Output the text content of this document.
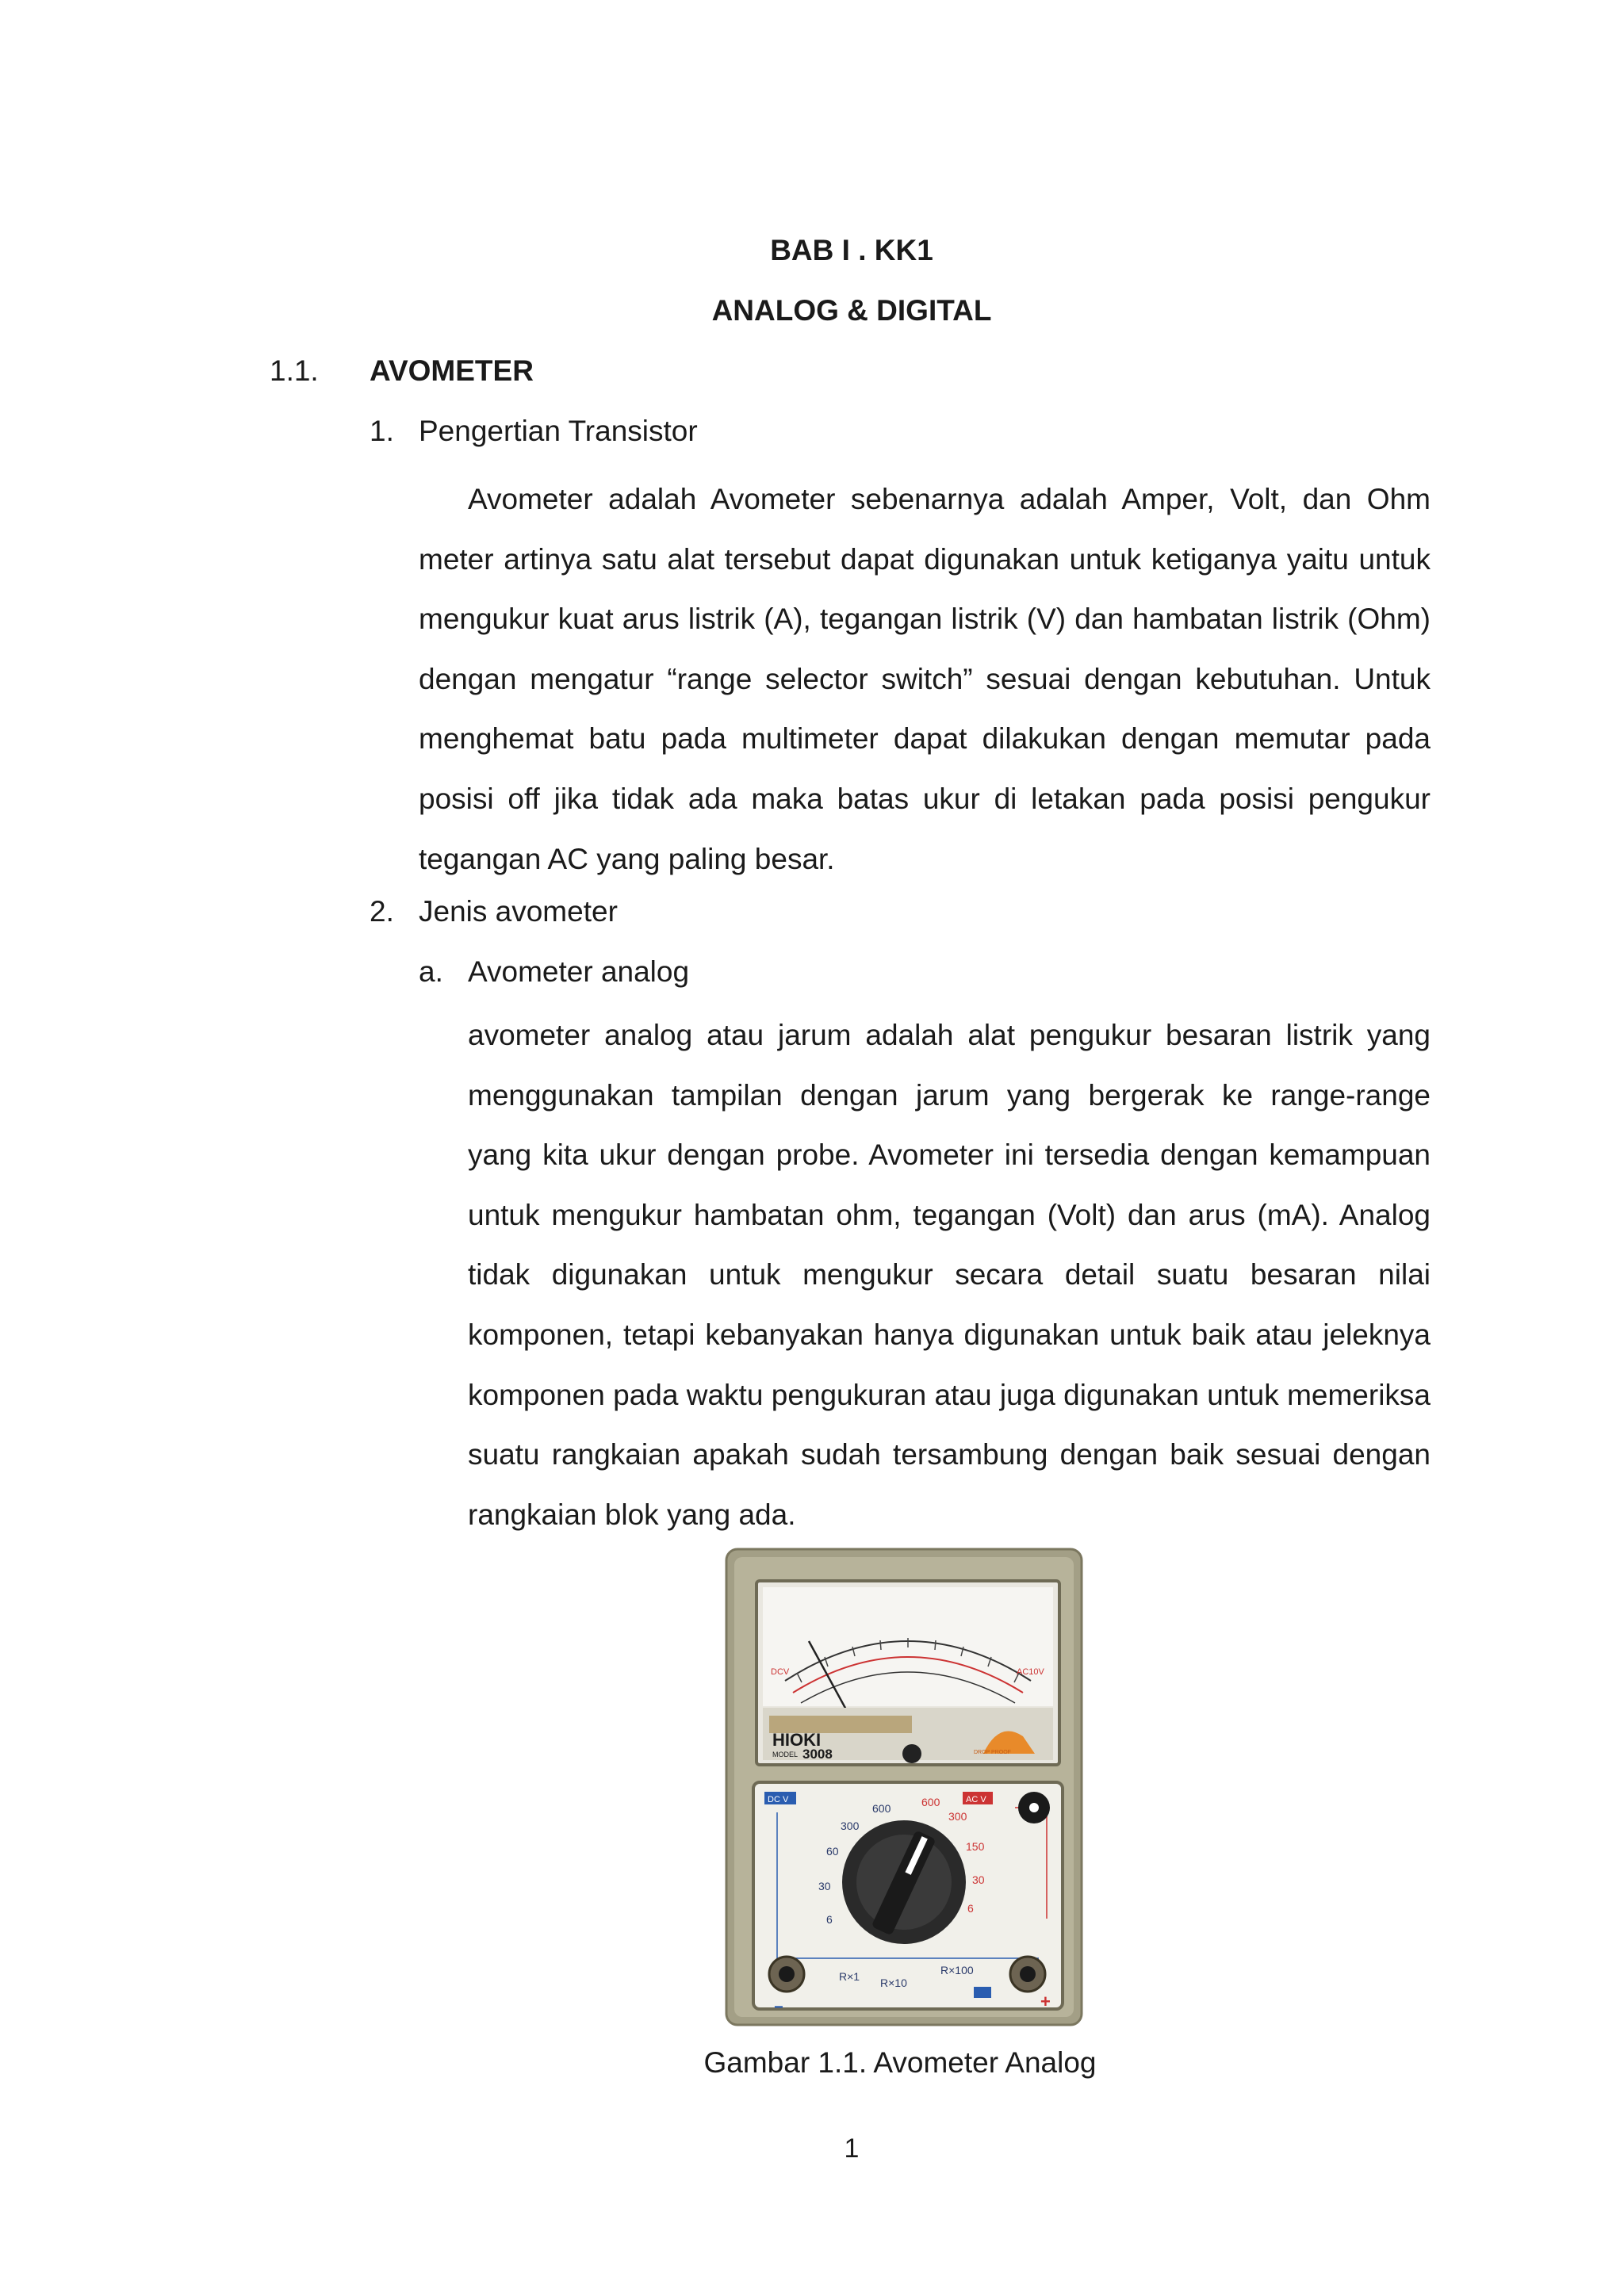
BAB I . KK1
ANALOG & DIGITAL
1.1. AVOMETER
1. Pengertian Transistor

Avometer adalah Avometer sebenarnya adalah Amper, Volt, dan Ohm meter artinya satu alat tersebut dapat digunakan untuk ketiganya yaitu untuk mengukur kuat arus listrik (A), tegangan listrik (V) dan hambatan listrik (Ohm) dengan mengatur “range selector switch” sesuai dengan kebutuhan. Untuk menghemat batu pada multimeter dapat dilakukan dengan memutar pada posisi off jika tidak ada maka batas ukur di letakan pada posisi pengukur tegangan AC yang paling besar.

2. Jenis avometer
a. Avometer analog

avometer analog atau jarum adalah alat pengukur besaran listrik yang menggunakan tampilan dengan jarum yang bergerak ke range-range yang kita ukur dengan probe. Avometer ini tersedia dengan kemampuan untuk mengukur hambatan ohm, tegangan (Volt) dan arus (mA). Analog tidak digunakan untuk mengukur secara detail suatu besaran nilai komponen, tetapi kebanyakan hanya digunakan untuk baik atau jeleknya komponen pada waktu pengukuran atau juga digunakan untuk memeriksa suatu rangkaian apakah sudah tersambung dengan baik sesuai dengan rangkaian blok yang ada.

DCV	AC10V
HIOKI
MODEL 3008	DROP PROOF
DC V	AC V
600
300
60
30
6
600
300
150
30
6
R×1 R×10
R×100
−	+
Gambar 1.1. Avometer Analog
1
